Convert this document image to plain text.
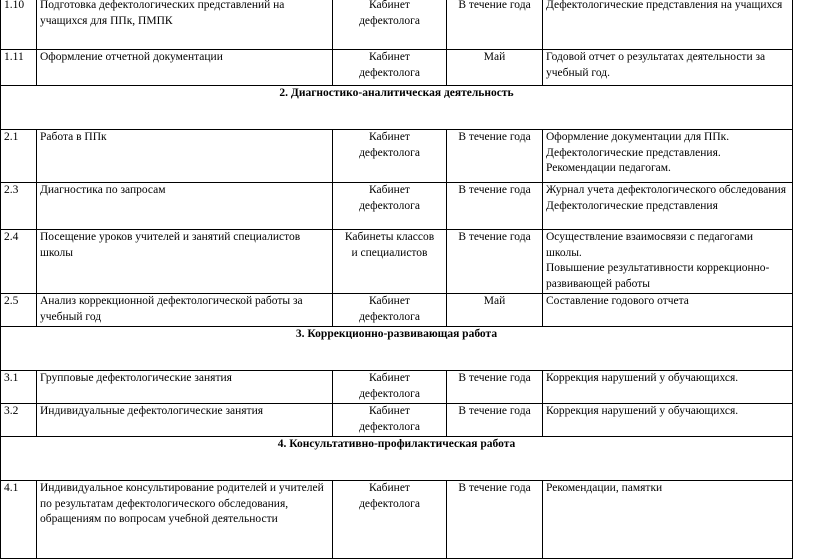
1.10	Подготовка дефектологических представлений на учащихся для ППк, ПМПК	Кабинет
дефектолога	В течение года	Дефектологические представления на учащихся
1.11	Оформление отчетной документации	Кабинет
дефектолога	Май	Годовой отчет о результатах деятельности за учебный год.
2. Диагностико-аналитическая деятельность				
2.1	Работа в ППк	Кабинет
дефектолога	В течение года	Оформление документации для ППк.
Дефектологические представления.
Рекомендации педагогам.
2.3	Диагностика по запросам	Кабинет
дефектолога	В течение года	Журнал учета дефектологического обследования
Дефектологические представления
2.4	Посещение уроков учителей и занятий специалистов школы	Кабинеты классов
и специалистов	В течение года	Осуществление взаимосвязи с педагогами школы.
Повышение результативности коррекционно-развивающей работы
2.5	Анализ коррекционной дефектологической работы за учебный год	Кабинет
дефектолога	Май	Составление годового отчета
3. Коррекционно-развивающая работа				
3.1	Групповые дефектологические занятия	Кабинет
дефектолога	В течение года	Коррекция нарушений у обучающихся.
3.2	Индивидуальные дефектологические занятия	Кабинет
дефектолога	В течение года	Коррекция нарушений у обучающихся.
4. Консультативно-профилактическая работа				
4.1	Индивидуальное консультирование родителей и учителей по результатам дефектологического обследования, обращениям по вопросам учебной деятельности	Кабинет
дефектолога	В течение года	Рекомендации, памятки
